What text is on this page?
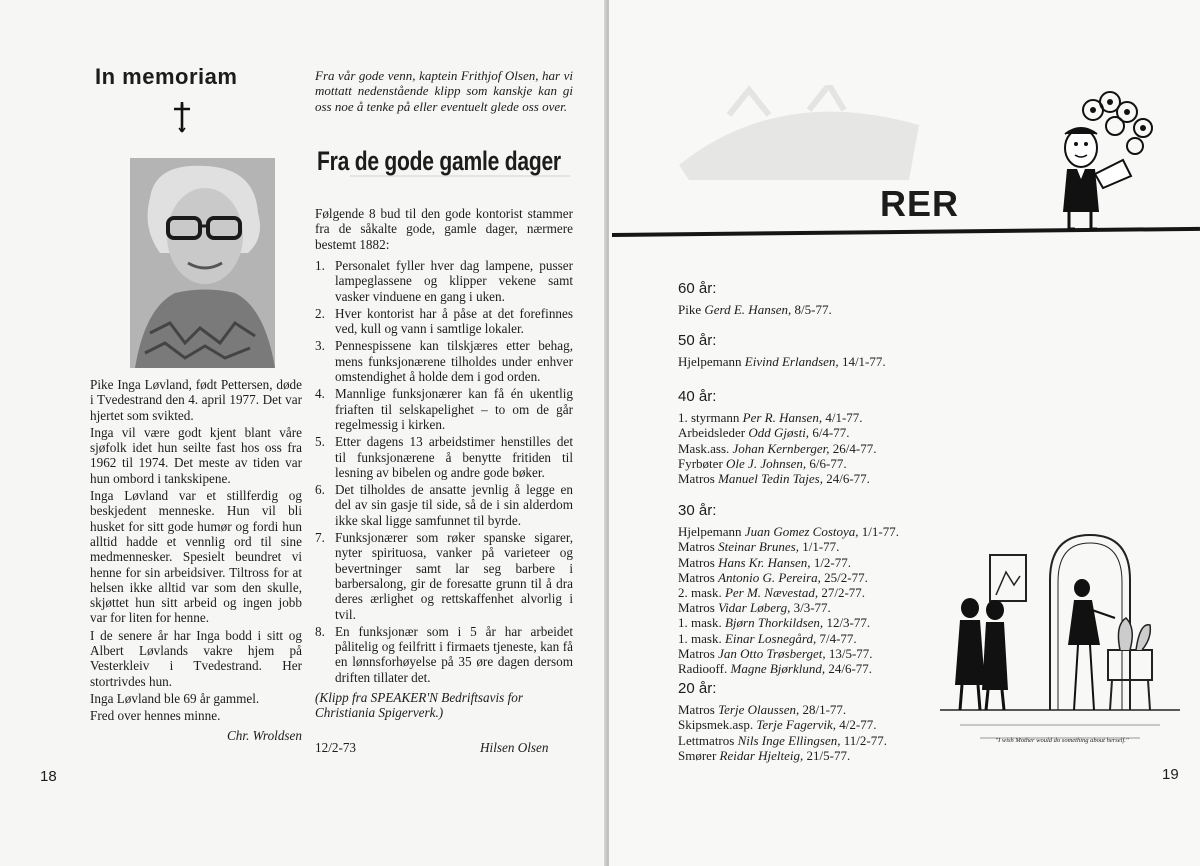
In memoriam

Pike Inga Løvland, født Pettersen, døde i Tvedestrand den 4. april 1977. Det var hjertet som svikted.

Inga vil være godt kjent blant våre sjøfolk idet hun seilte fast hos oss fra 1962 til 1974. Det meste av tiden var hun ombord i tankskipene.

Inga Løvland var et stillferdig og beskjedent menneske. Hun vil bli husket for sitt gode humør og fordi hun alltid hadde et vennlig ord til sine medmennesker. Spesielt beundret vi henne for sin arbeidsiver. Tiltross for at helsen ikke alltid var som den skulle, skjøttet hun sitt arbeid og ingen jobb var for liten for henne.

I de senere år har Inga bodd i sitt og Albert Løvlands vakre hjem på Vesterkleiv i Tvedestrand. Her stortrivdes hun.

Inga Løvland ble 69 år gammel.

Fred over hennes minne.

Chr. Wroldsen
Fra vår gode venn, kaptein Frithjof Olsen, har vi mottatt nedenstående klipp som kanskje kan gi oss noe å tenke på eller eventuelt glede oss over.
Fra de gode gamle dager
Følgende 8 bud til den gode kontorist stammer fra de såkalte gode, gamle dager, nærmere bestemt 1882:
1. Personalet fyller hver dag lampene, pusser lampeglassene og klipper vekene samt vasker vinduene en gang i uken.
2. Hver kontorist har å påse at det forefinnes ved, kull og vann i samtlige lokaler.
3. Pennespissene kan tilskjæres etter behag, mens funksjonærene tilholdes under enhver omstendighet å holde dem i god orden.
4. Mannlige funksjonærer kan få én ukentlig friaften til selskapelighet – to om de går regelmessig i kirken.
5. Etter dagens 13 arbeidstimer henstilles det til funksjonærene å benytte fritiden til lesning av bibelen og andre gode bøker.
6. Det tilholdes de ansatte jevnlig å legge en del av sin gasje til side, så de i sin alderdom ikke skal ligge samfunnet til byrde.
7. Funksjonærer som røker spanske sigarer, nyter spirituosa, vanker på varieteer og bevertninger samt lar seg barbere i barbersalong, gir de foresatte grunn til å dra deres ærlighet og rettskaffenhet alvorlig i tvil.
8. En funksjonær som i 5 år har arbeidet pålitelig og feilfritt i firmaets tjeneste, kan få en lønnsforhøyelse på 35 øre dagen dersom driften tillater det.
(Klipp fra SPEAKER'N Bedriftsavis for Christiania Spigerverk.)
12/2-73	Hilsen Olsen
18

RER
60 år:
Pike Gerd E. Hansen, 8/5-77.
50 år:
Hjelpemann Eivind Erlandsen, 14/1-77.
40 år:
1. styrmann Per R. Hansen, 4/1-77.
Arbeidsleder Odd Gjøsti, 6/4-77.
Mask.ass. Johan Kernberger, 26/4-77.
Fyrbøter Ole J. Johnsen, 6/6-77.
Matros Manuel Tedin Tajes, 24/6-77.
30 år:
Hjelpemann Juan Gomez Costoya, 1/1-77.
Matros Steinar Brunes, 1/1-77.
Matros Hans Kr. Hansen, 1/2-77.
Matros Antonio G. Pereira, 25/2-77.
2. mask. Per M. Nævestad, 27/2-77.
Matros Vidar Løberg, 3/3-77.
1. mask. Bjørn Thorkildsen, 12/3-77.
1. mask. Einar Losnegård, 7/4-77.
Matros Jan Otto Trøsberget, 13/5-77.
Radiooff. Magne Bjørklund, 24/6-77.
20 år:
Matros Terje Olaussen, 28/1-77.
Skipsmek.asp. Terje Fagervik, 4/2-77.
Lettmatros Nils Inge Ellingsen, 11/2-77.
Smører Reidar Hjelteig, 21/5-77.
"I wish Mother would do something about herself."
19
